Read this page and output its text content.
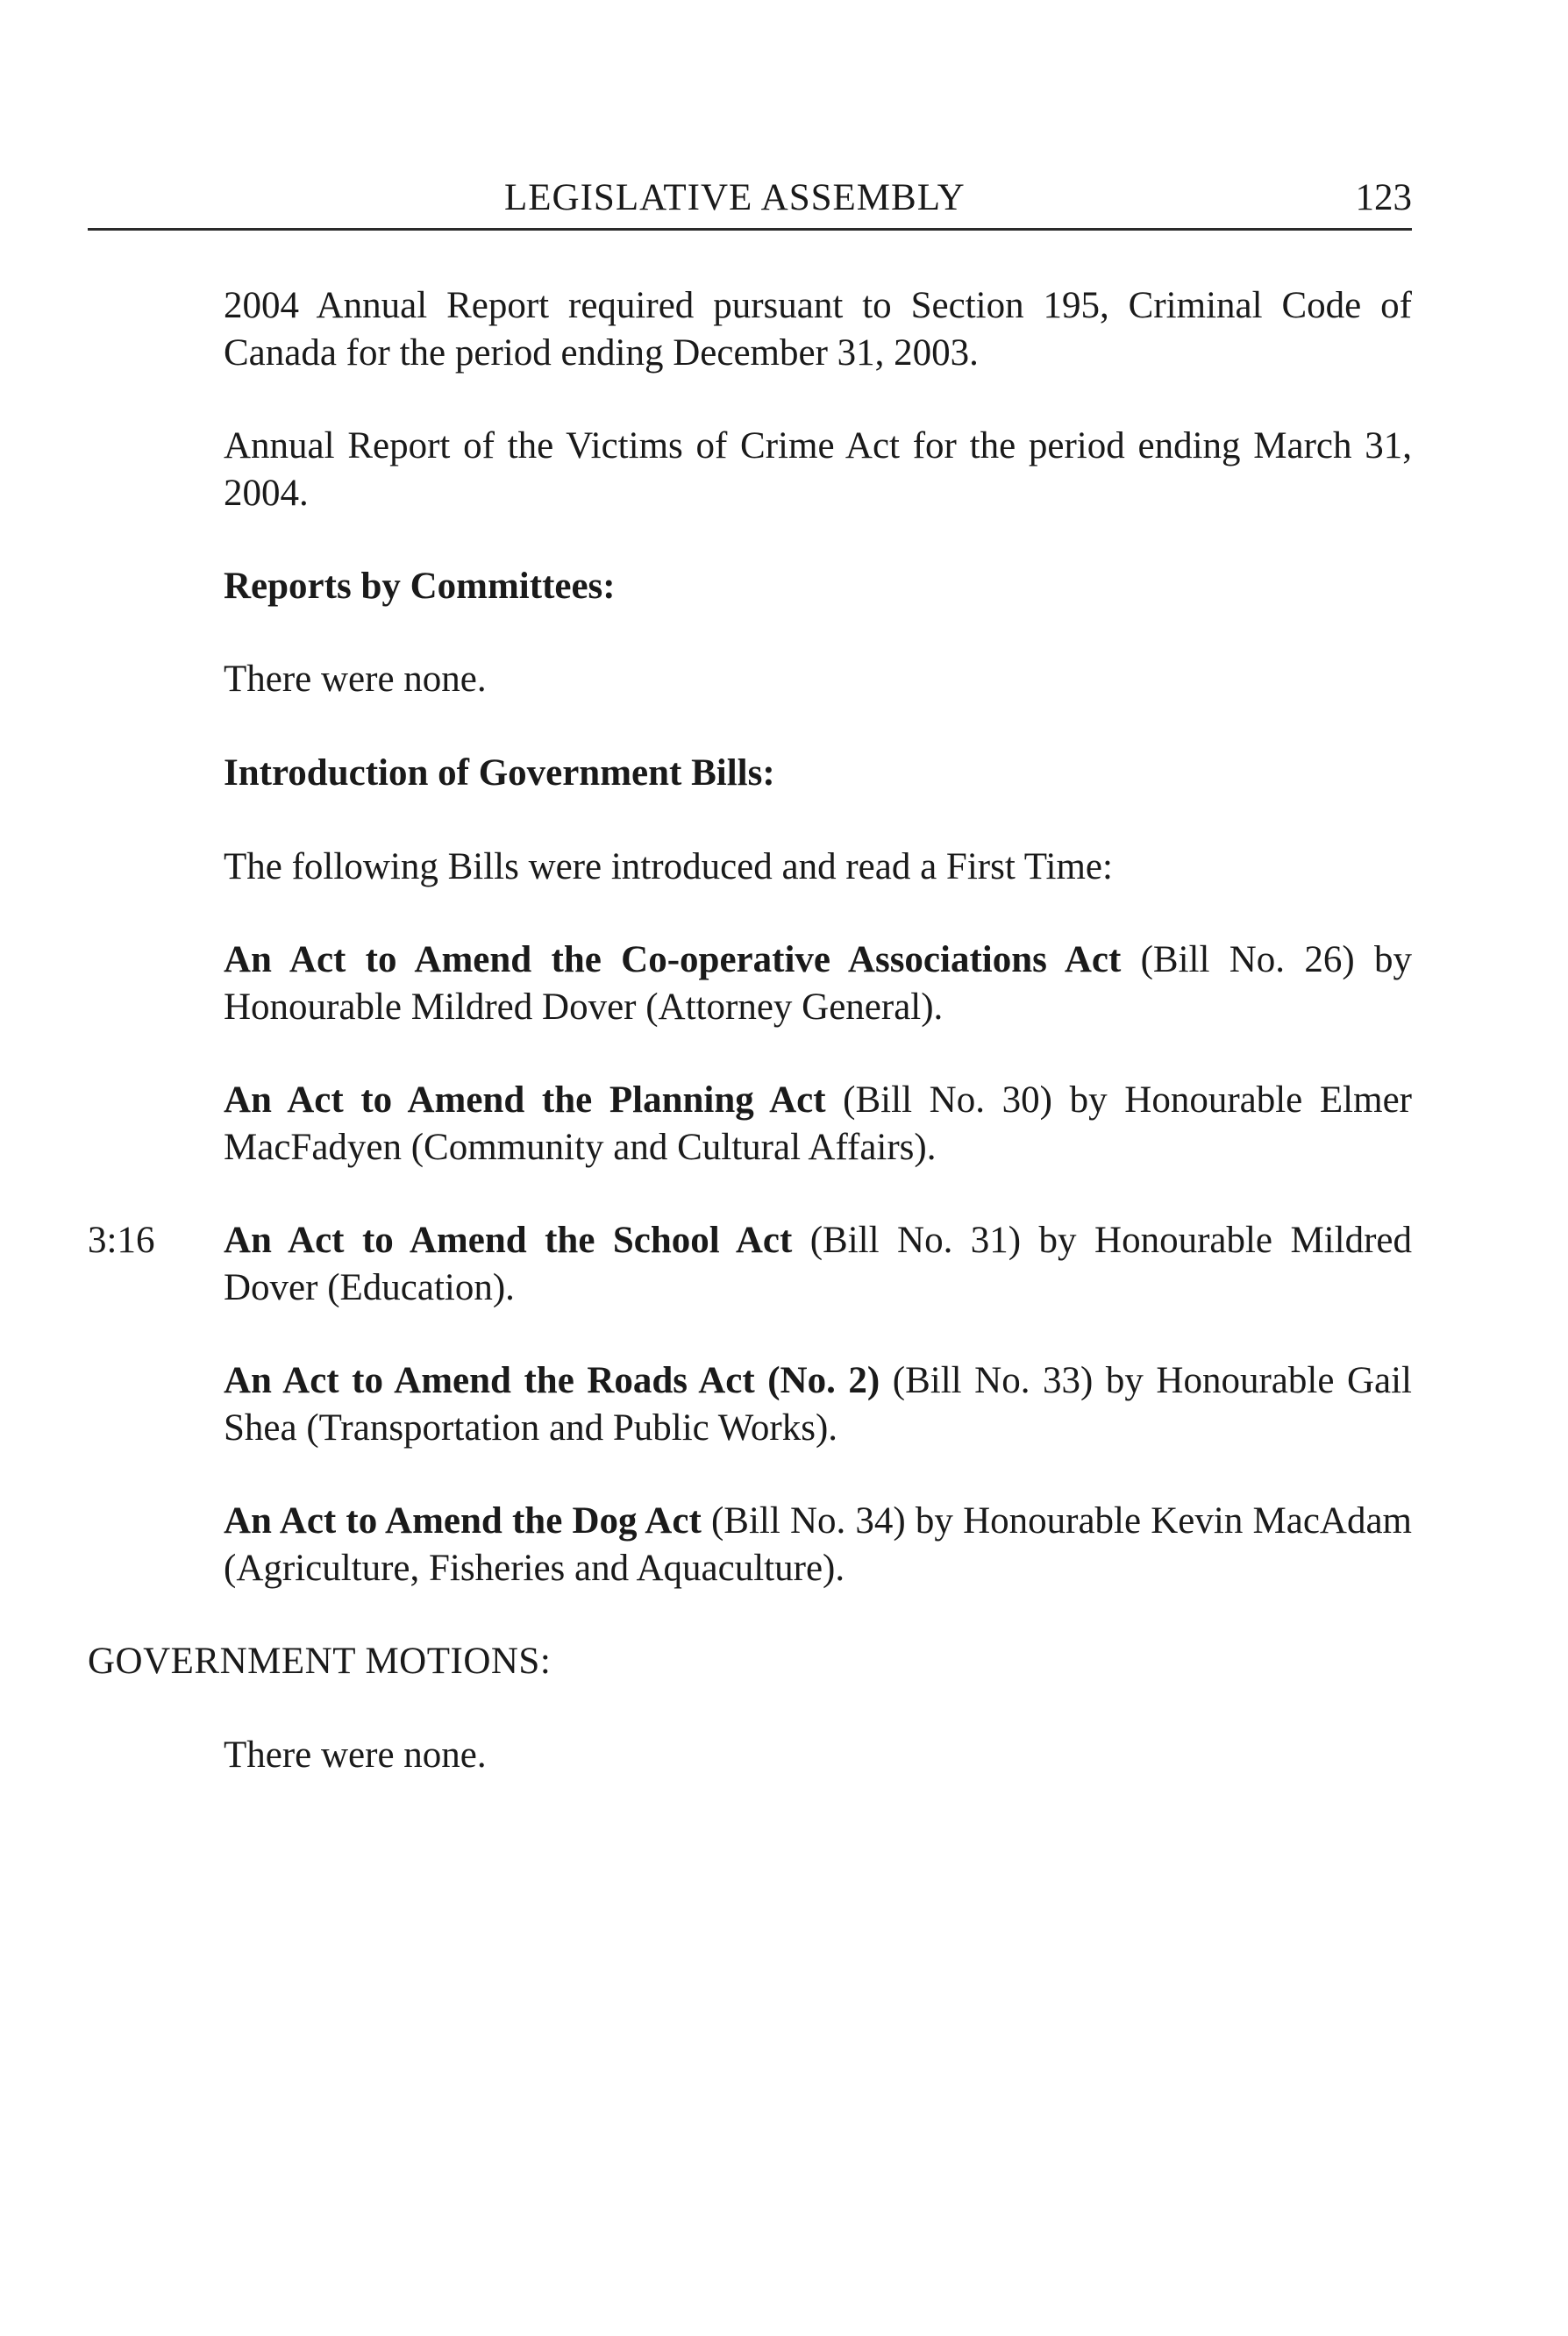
LEGISLATIVE ASSEMBLY	123

2004 Annual Report required pursuant to Section 195, Criminal Code of Canada for the period ending December 31, 2003.

Annual Report of the Victims of Crime Act for the period ending March 31, 2004.

Reports by Committees:

There were none.

Introduction of Government Bills:

The following Bills were introduced and read a First Time:

An Act to Amend the Co-operative Associations Act (Bill No. 26) by Honourable Mildred Dover (Attorney General).

An Act to Amend the Planning Act (Bill No. 30) by Honourable Elmer MacFadyen (Community and Cultural Affairs).

3:16 An Act to Amend the School Act (Bill No. 31) by Honourable Mildred Dover (Education).

An Act to Amend the Roads Act (No. 2) (Bill No. 33) by Honourable Gail Shea (Transportation and Public Works).

An Act to Amend the Dog Act (Bill No. 34) by Honourable Kevin MacAdam (Agriculture, Fisheries and Aquaculture).

GOVERNMENT MOTIONS:

There were none.
